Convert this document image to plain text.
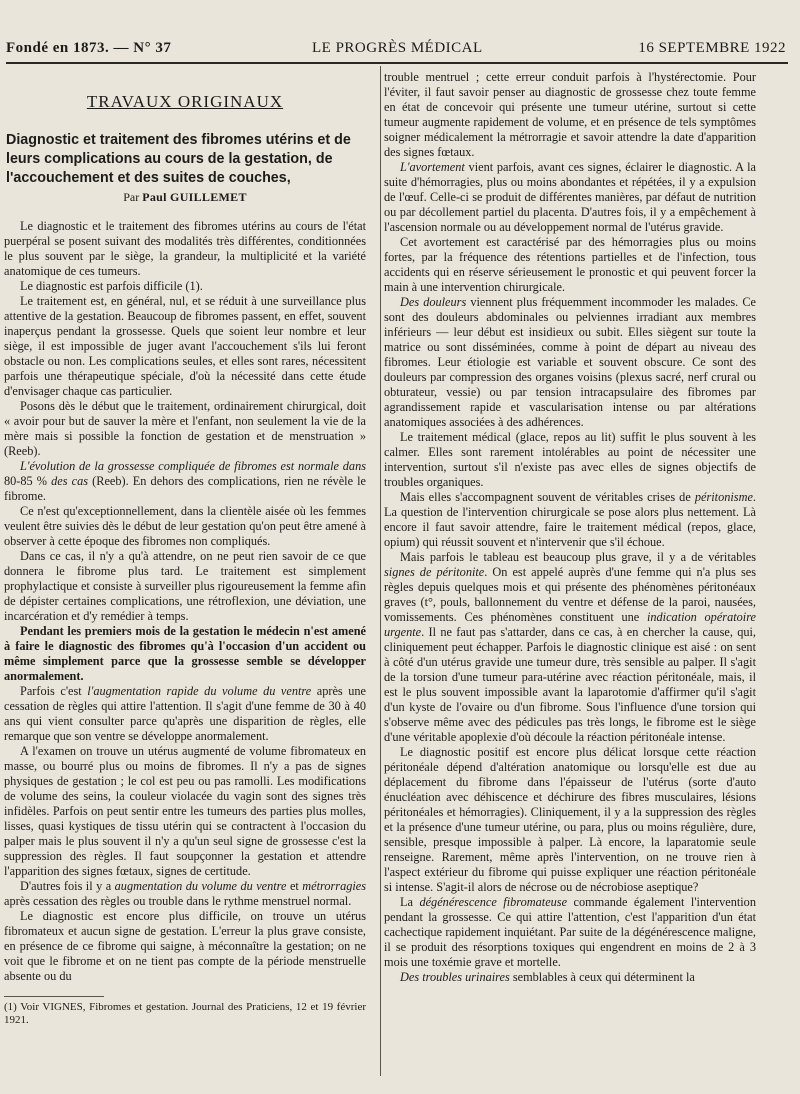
Fondé en 1873. — N° 37	LE PROGRÈS MÉDICAL	16 SEPTEMBRE 1922
TRAVAUX ORIGINAUX
Diagnostic et traitement des fibromes utérins et de leurs complications au cours de la gestation, de l'accouchement et des suites de couches,
Par Paul GUILLEMET

Le diagnostic et le traitement des fibromes utérins au cours de l'état puerpéral se posent suivant des modalités très différentes, conditionnées le plus souvent par le siège, la grandeur, la multiplicité et la variété anatomique de ces tumeurs.

Le diagnostic est parfois difficile (1).

Le traitement est, en général, nul, et se réduit à une surveillance plus attentive de la gestation. Beaucoup de fibromes passent, en effet, souvent inaperçus pendant la grossesse. Quels que soient leur nombre et leur siège, il est impossible de juger avant l'accouchement s'ils lui feront obstacle ou non. Les complications seules, et elles sont rares, nécessitent parfois une thérapeutique spéciale, d'où la nécessité dans cette étude d'envisager chaque cas particulier.

Posons dès le début que le traitement, ordinairement chirurgical, doit « avoir pour but de sauver la mère et l'enfant, non seulement la vie de la mère mais si possible la fonction de gestation et de menstruation » (Reeb).

L'évolution de la grossesse compliquée de fibromes est normale dans 80-85 % des cas (Reeb). En dehors des complications, rien ne révèle le fibrome.

Ce n'est qu'exceptionnellement, dans la clientèle aisée où les femmes veulent être suivies dès le début de leur gestation qu'on peut être amené à observer à cette époque des fibromes non compliqués.

Dans ce cas, il n'y a qu'à attendre, on ne peut rien savoir de ce que donnera le fibrome plus tard. Le traitement est simplement prophylactique et consiste à surveiller plus rigoureusement la femme afin de dépister certaines complications, une rétroflexion, une déviation, une incarcération et d'y remédier à temps.

Pendant les premiers mois de la gestation le médecin n'est amené à faire le diagnostic des fibromes qu'à l'occasion d'un accident ou même simplement parce que la grossesse semble se développer anormalement.

Parfois c'est l'augmentation rapide du volume du ventre après une cessation de règles qui attire l'attention. Il s'agit d'une femme de 30 à 40 ans qui vient consulter parce qu'après une disparition de règles, elle remarque que son ventre se développe anormalement.

A l'examen on trouve un utérus augmenté de volume fibromateux en masse, ou bourré plus ou moins de fibromes. Il n'y a pas de signes physiques de gestation ; le col est peu ou pas ramolli. Les modifications de volume des seins, la couleur violacée du vagin sont des signes très infidèles. Parfois on peut sentir entre les tumeurs des parties plus molles, lisses, quasi kystiques de tissu utérin qui se contractent à l'occasion du palper mais le plus souvent il n'y a qu'un seul signe de grossesse c'est la suppression des règles. Il faut soupçonner la gestation et attendre l'apparition des signes fœtaux, signes de certitude.

D'autres fois il y a augmentation du volume du ventre et métrorragies après cessation des règles ou trouble dans le rythme menstruel normal.

Le diagnostic est encore plus difficile, on trouve un utérus fibromateux et aucun signe de gestation. L'erreur la plus grave consiste, en présence de ce fibrome qui saigne, à méconnaître la gestation; on ne voit que le fibrome et on ne tient pas compte de la période menstruelle absente ou du

(1) Voir VIGNES, Fibromes et gestation. Journal des Praticiens, 12 et 19 février 1921.

trouble mentruel ; cette erreur conduit parfois à l'hystérectomie. Pour l'éviter, il faut savoir penser au diagnostic de grossesse chez toute femme en état de concevoir qui présente une tumeur utérine, surtout si cette tumeur augmente rapidement de volume, et en présence de tels symptômes soigner médicalement la métrorragie et savoir attendre la date d'apparition des signes fœtaux.

L'avortement vient parfois, avant ces signes, éclairer le diagnostic. A la suite d'hémorragies, plus ou moins abondantes et répétées, il y a expulsion de l'œuf. Celle-ci se produit de différentes manières, par défaut de nutrition ou par décollement partiel du placenta. D'autres fois, il y a empêchement à l'ascension normale ou au développement normal de l'utérus gravide.

Cet avortement est caractérisé par des hémorragies plus ou moins fortes, par la fréquence des rétentions partielles et de l'infection, tous accidents qui en réserve sérieusement le pronostic et qui peuvent forcer la main à une intervention chirurgicale.

Des douleurs viennent plus fréquemment incommoder les malades. Ce sont des douleurs abdominales ou pelviennes irradiant aux membres inférieurs — leur début est insidieux ou subit. Elles siègent sur toute la matrice ou sont disséminées, comme à point de départ au niveau des fibromes. Leur étiologie est variable et souvent obscure. Ce sont des douleurs par compression des organes voisins (plexus sacré, nerf crural ou obturateur, vessie) ou par tension intracapsulaire des fibromes par agrandissement rapide et vascularisation intense ou par altérations anatomiques associées à des adhérences.

Le traitement médical (glace, repos au lit) suffit le plus souvent à les calmer. Elles sont rarement intolérables au point de nécessiter une intervention, surtout s'il n'existe pas avec elles de signes objectifs de troubles organiques.

Mais elles s'accompagnent souvent de véritables crises de péritonisme. La question de l'intervention chirurgicale se pose alors plus nettement. Là encore il faut savoir attendre, faire le traitement médical (repos, glace, opium) qui réussit souvent et n'intervenir que s'il échoue.

Mais parfois le tableau est beaucoup plus grave, il y a de véritables signes de péritonite. On est appelé auprès d'une femme qui n'a plus ses règles depuis quelques mois et qui présente des phénomènes péritonéaux graves (t°, pouls, ballonnement du ventre et défense de la paroi, nausées, vomissements. Ces phénomènes constituent une indication opératoire urgente. Il ne faut pas s'attarder, dans ce cas, à en chercher la cause, qui, cliniquement peut échapper. Parfois le diagnostic clinique est aisé : on sent à côté d'un utérus gravide une tumeur dure, très sensible au palper. Il s'agit de la torsion d'une tumeur para-utérine avec réaction péritonéale, mais, il est le plus souvent impossible avant la laparotomie d'affirmer qu'il s'agit d'un kyste de l'ovaire ou d'un fibrome. Sous l'influence d'une torsion qui s'observe même avec des pédicules pas très longs, le fibrome est le siège d'une véritable apoplexie d'où découle la réaction péritonéale intense.

Le diagnostic positif est encore plus délicat lorsque cette réaction péritonéale dépend d'altération anatomique ou lorsqu'elle est due au déplacement du fibrome dans l'épaisseur de l'utérus (sorte d'auto énucléation avec déhiscence et déchirure des fibres musculaires, lésions péritonéales et hémorragies). Cliniquement, il y a la suppression des règles et la présence d'une tumeur utérine, ou para, plus ou moins régulière, dure, sensible, presque impossible à palper. Là encore, la laparatomie seule renseigne. Rarement, même après l'intervention, on ne trouve rien à l'aspect extérieur du fibrome qui puisse expliquer une réaction péritonéale si intense. S'agit-il alors de nécrose ou de nécrobiose aseptique?

La dégénérescence fibromateuse commande également l'intervention pendant la grossesse. Ce qui attire l'attention, c'est l'apparition d'un état cachectique rapidement inquiétant. Par suite de la dégénérescence maligne, il se produit des résorptions toxiques qui engendrent en moins de 2 à 3 mois une toxémie grave et mortelle.

Des troubles urinaires semblables à ceux qui déterminent la
